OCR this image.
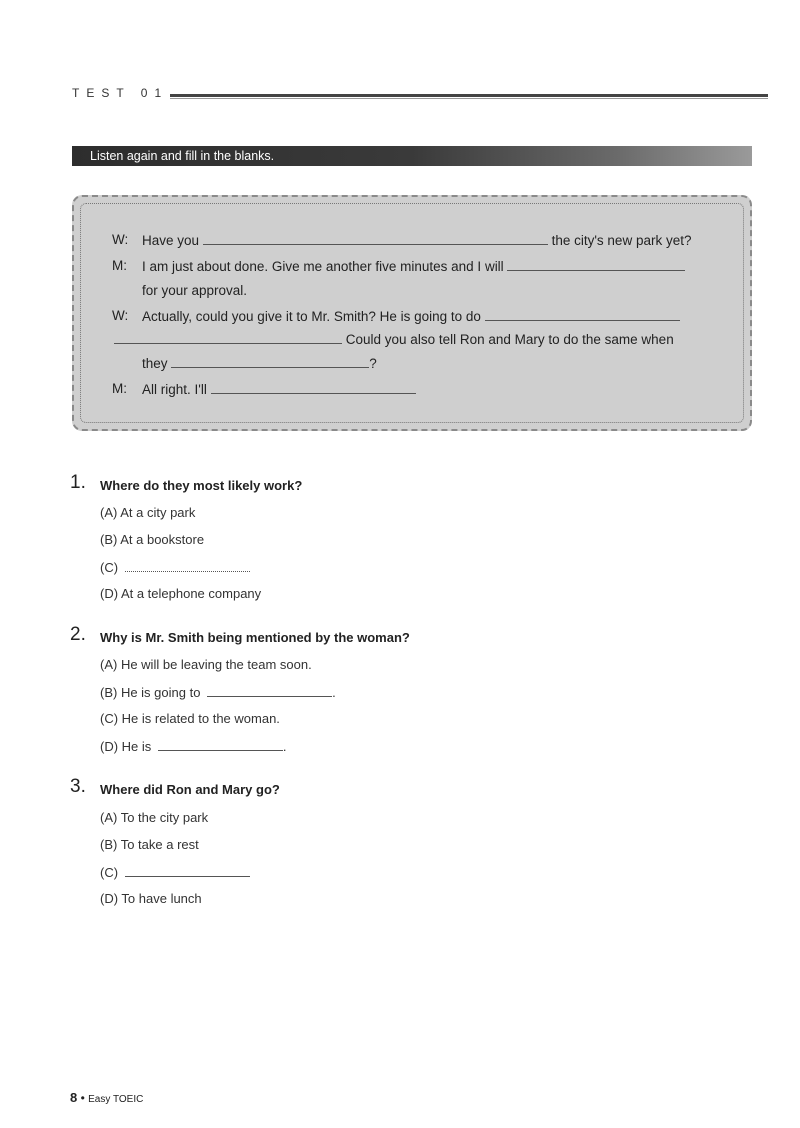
TEST 01
Listen again and fill in the blanks.
W: Have you	the city's new park yet?
M: I am just about done. Give me another five minutes and I will
for your approval.
W: Actually, could you give it to Mr. Smith? He is going to do
Could you also tell Ron and Mary to do the same when
they	?
M: All right. I'll
1. Where do they most likely work?
(A) At a city park
(B) At a bookstore
(C)
(D) At a telephone company
2. Why is Mr. Smith being mentioned by the woman?
(A) He will be leaving the team soon.
(B) He is going to	.
(C) He is related to the woman.
(D) He is	.
3. Where did Ron and Mary go?
(A) To the city park
(B) To take a rest
(C)
(D) To have lunch
8 • Easy TOEIC
